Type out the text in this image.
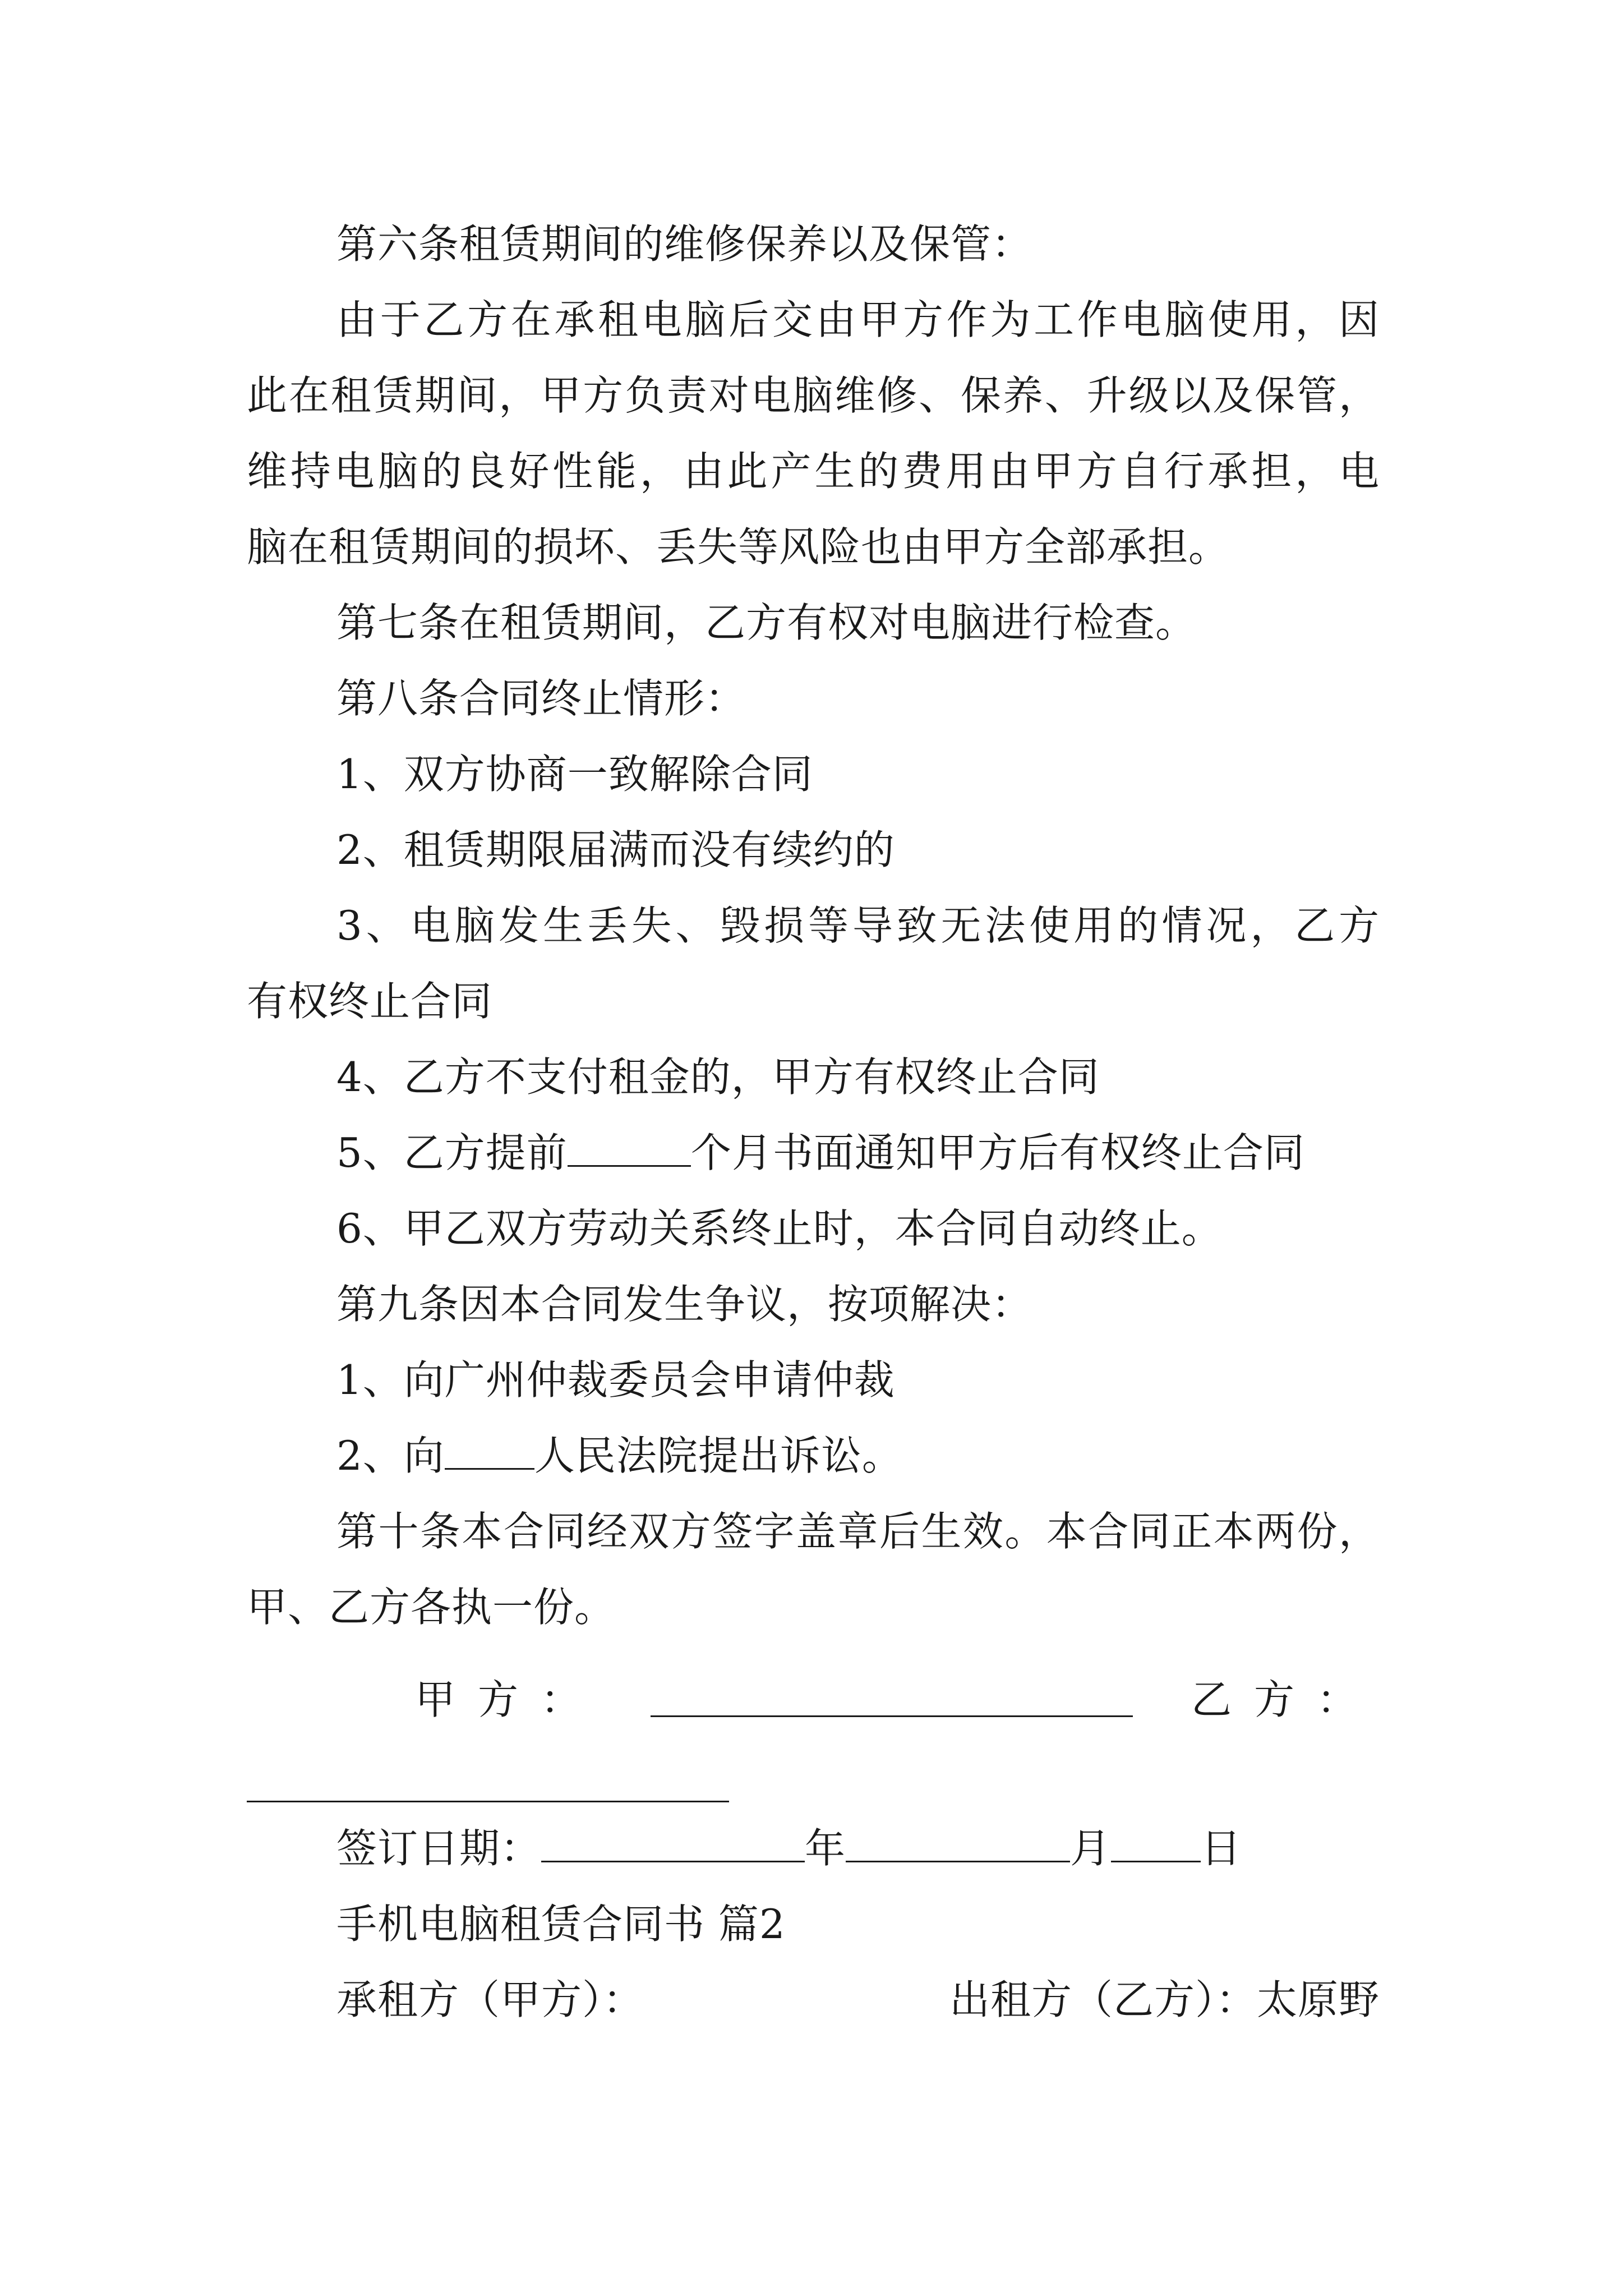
第六条租赁期间的维修保养以及保管：
由于乙方在承租电脑后交由甲方作为工作电脑使用，因
此在租赁期间，甲方负责对电脑维修、保养、升级以及保管，
维持电脑的良好性能，由此产生的费用由甲方自行承担，电
脑在租赁期间的损坏、丢失等风险也由甲方全部承担。
第七条在租赁期间，乙方有权对电脑进行检查。
第八条合同终止情形：
1、双方协商一致解除合同
2、租赁期限届满而没有续约的
3、电脑发生丢失、毁损等导致无法使用的情况，乙方
有权终止合同
4、乙方不支付租金的，甲方有权终止合同
5、乙方提前	个月书面通知甲方后有权终止合同
6、甲乙双方劳动关系终止时，本合同自动终止。
第九条因本合同发生争议，按项解决：
1、向广州仲裁委员会申请仲裁
2、向 人民法院提出诉讼。
第十条本合同经双方签字盖章后生效。本合同正本两份，
甲、乙方各执一份。
甲方：	乙方：
签订日期：	年	月 日
手机电脑租赁合同书 篇2
承租方（甲方）：	出租方（乙方）：太原野
